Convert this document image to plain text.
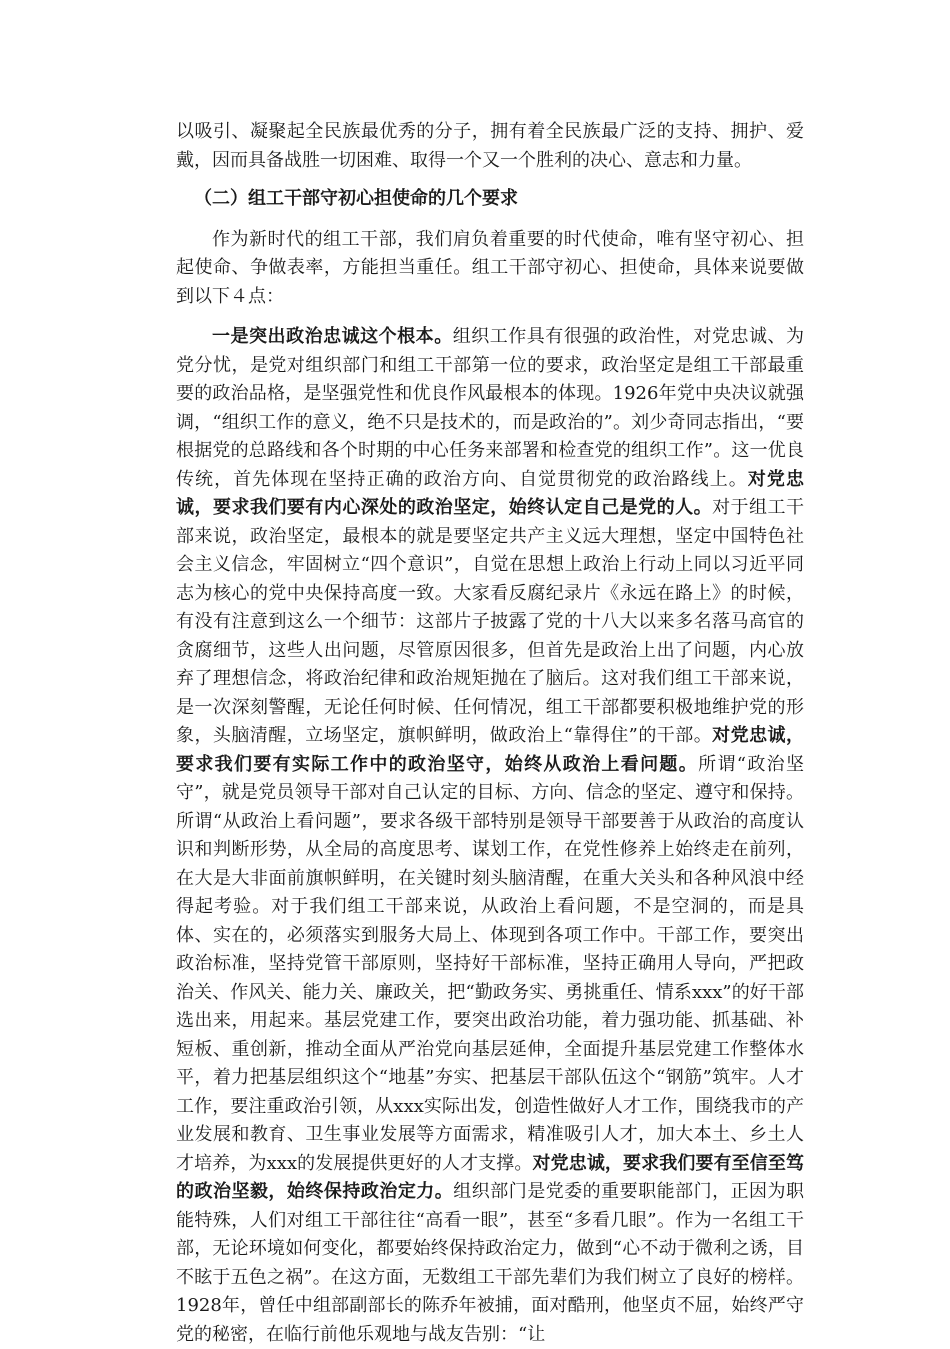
以吸引、凝聚起全民族最优秀的分子，拥有着全民族最广泛的支持、拥护、爱戴，因而具备战胜一切困难、取得一个又一个胜利的决心、意志和力量。

（二）组工干部守初心担使命的几个要求

作为新时代的组工干部，我们肩负着重要的时代使命，唯有坚守初心、担起使命、争做表率，方能担当重任。组工干部守初心、担使命，具体来说要做到以下４点：

一是突出政治忠诚这个根本。组织工作具有很强的政治性，对党忠诚、为党分忧，是党对组织部门和组工干部第一位的要求，政治坚定是组工干部最重要的政治品格，是坚强党性和优良作风最根本的体现。1926年党中央决议就强调，“组织工作的意义，绝不只是技术的，而是政治的”。刘少奇同志指出，“要根据党的总路线和各个时期的中心任务来部署和检查党的组织工作”。这一优良传统，首先体现在坚持正确的政治方向、自觉贯彻党的政治路线上。对党忠诚，要求我们要有内心深处的政治坚定，始终认定自己是党的人。对于组工干部来说，政治坚定，最根本的就是要坚定共产主义远大理想，坚定中国特色社会主义信念，牢固树立“四个意识”，自觉在思想上政治上行动上同以习近平同志为核心的党中央保持高度一致。大家看反腐纪录片《永远在路上》的时候，有没有注意到这么一个细节：这部片子披露了党的十八大以来多名落马高官的贪腐细节，这些人出问题，尽管原因很多，但首先是政治上出了问题，内心放弃了理想信念，将政治纪律和政治规矩抛在了脑后。这对我们组工干部来说，是一次深刻警醒，无论任何时候、任何情况，组工干部都要积极地维护党的形象，头脑清醒，立场坚定，旗帜鲜明，做政治上“靠得住”的干部。对党忠诚，要求我们要有实际工作中的政治坚守，始终从政治上看问题。所谓“政治坚守”，就是党员领导干部对自己认定的目标、方向、信念的坚定、遵守和保持。所谓“从政治上看问题”，要求各级干部特别是领导干部要善于从政治的高度认识和判断形势，从全局的高度思考、谋划工作，在党性修养上始终走在前列，在大是大非面前旗帜鲜明，在关键时刻头脑清醒，在重大关头和各种风浪中经得起考验。对于我们组工干部来说，从政治上看问题，不是空洞的，而是具体、实在的，必须落实到服务大局上、体现到各项工作中。干部工作，要突出政治标准，坚持党管干部原则，坚持好干部标准，坚持正确用人导向，严把政治关、作风关、能力关、廉政关，把“勤政务实、勇挑重任、情系xxx”的好干部选出来，用起来。基层党建工作，要突出政治功能，着力强功能、抓基础、补短板、重创新，推动全面从严治党向基层延伸，全面提升基层党建工作整体水平，着力把基层组织这个“地基”夯实、把基层干部队伍这个“钢筋”筑牢。人才工作，要注重政治引领，从xxx实际出发，创造性做好人才工作，围绕我市的产业发展和教育、卫生事业发展等方面需求，精准吸引人才，加大本土、乡土人才培养，为xxx的发展提供更好的人才支撑。对党忠诚，要求我们要有至信至笃的政治坚毅，始终保持政治定力。组织部门是党委的重要职能部门，正因为职能特殊，人们对组工干部往往“高看一眼”，甚至“多看几眼”。作为一名组工干部，无论环境如何变化，都要始终保持政治定力，做到“心不动于微利之诱，目不眩于五色之祸”。在这方面，无数组工干部先辈们为我们树立了良好的榜样。1928年，曾任中组部副部长的陈乔年被捕，面对酷刑，他坚贞不屈，始终严守党的秘密，在临行前他乐观地与战友告别：“让
